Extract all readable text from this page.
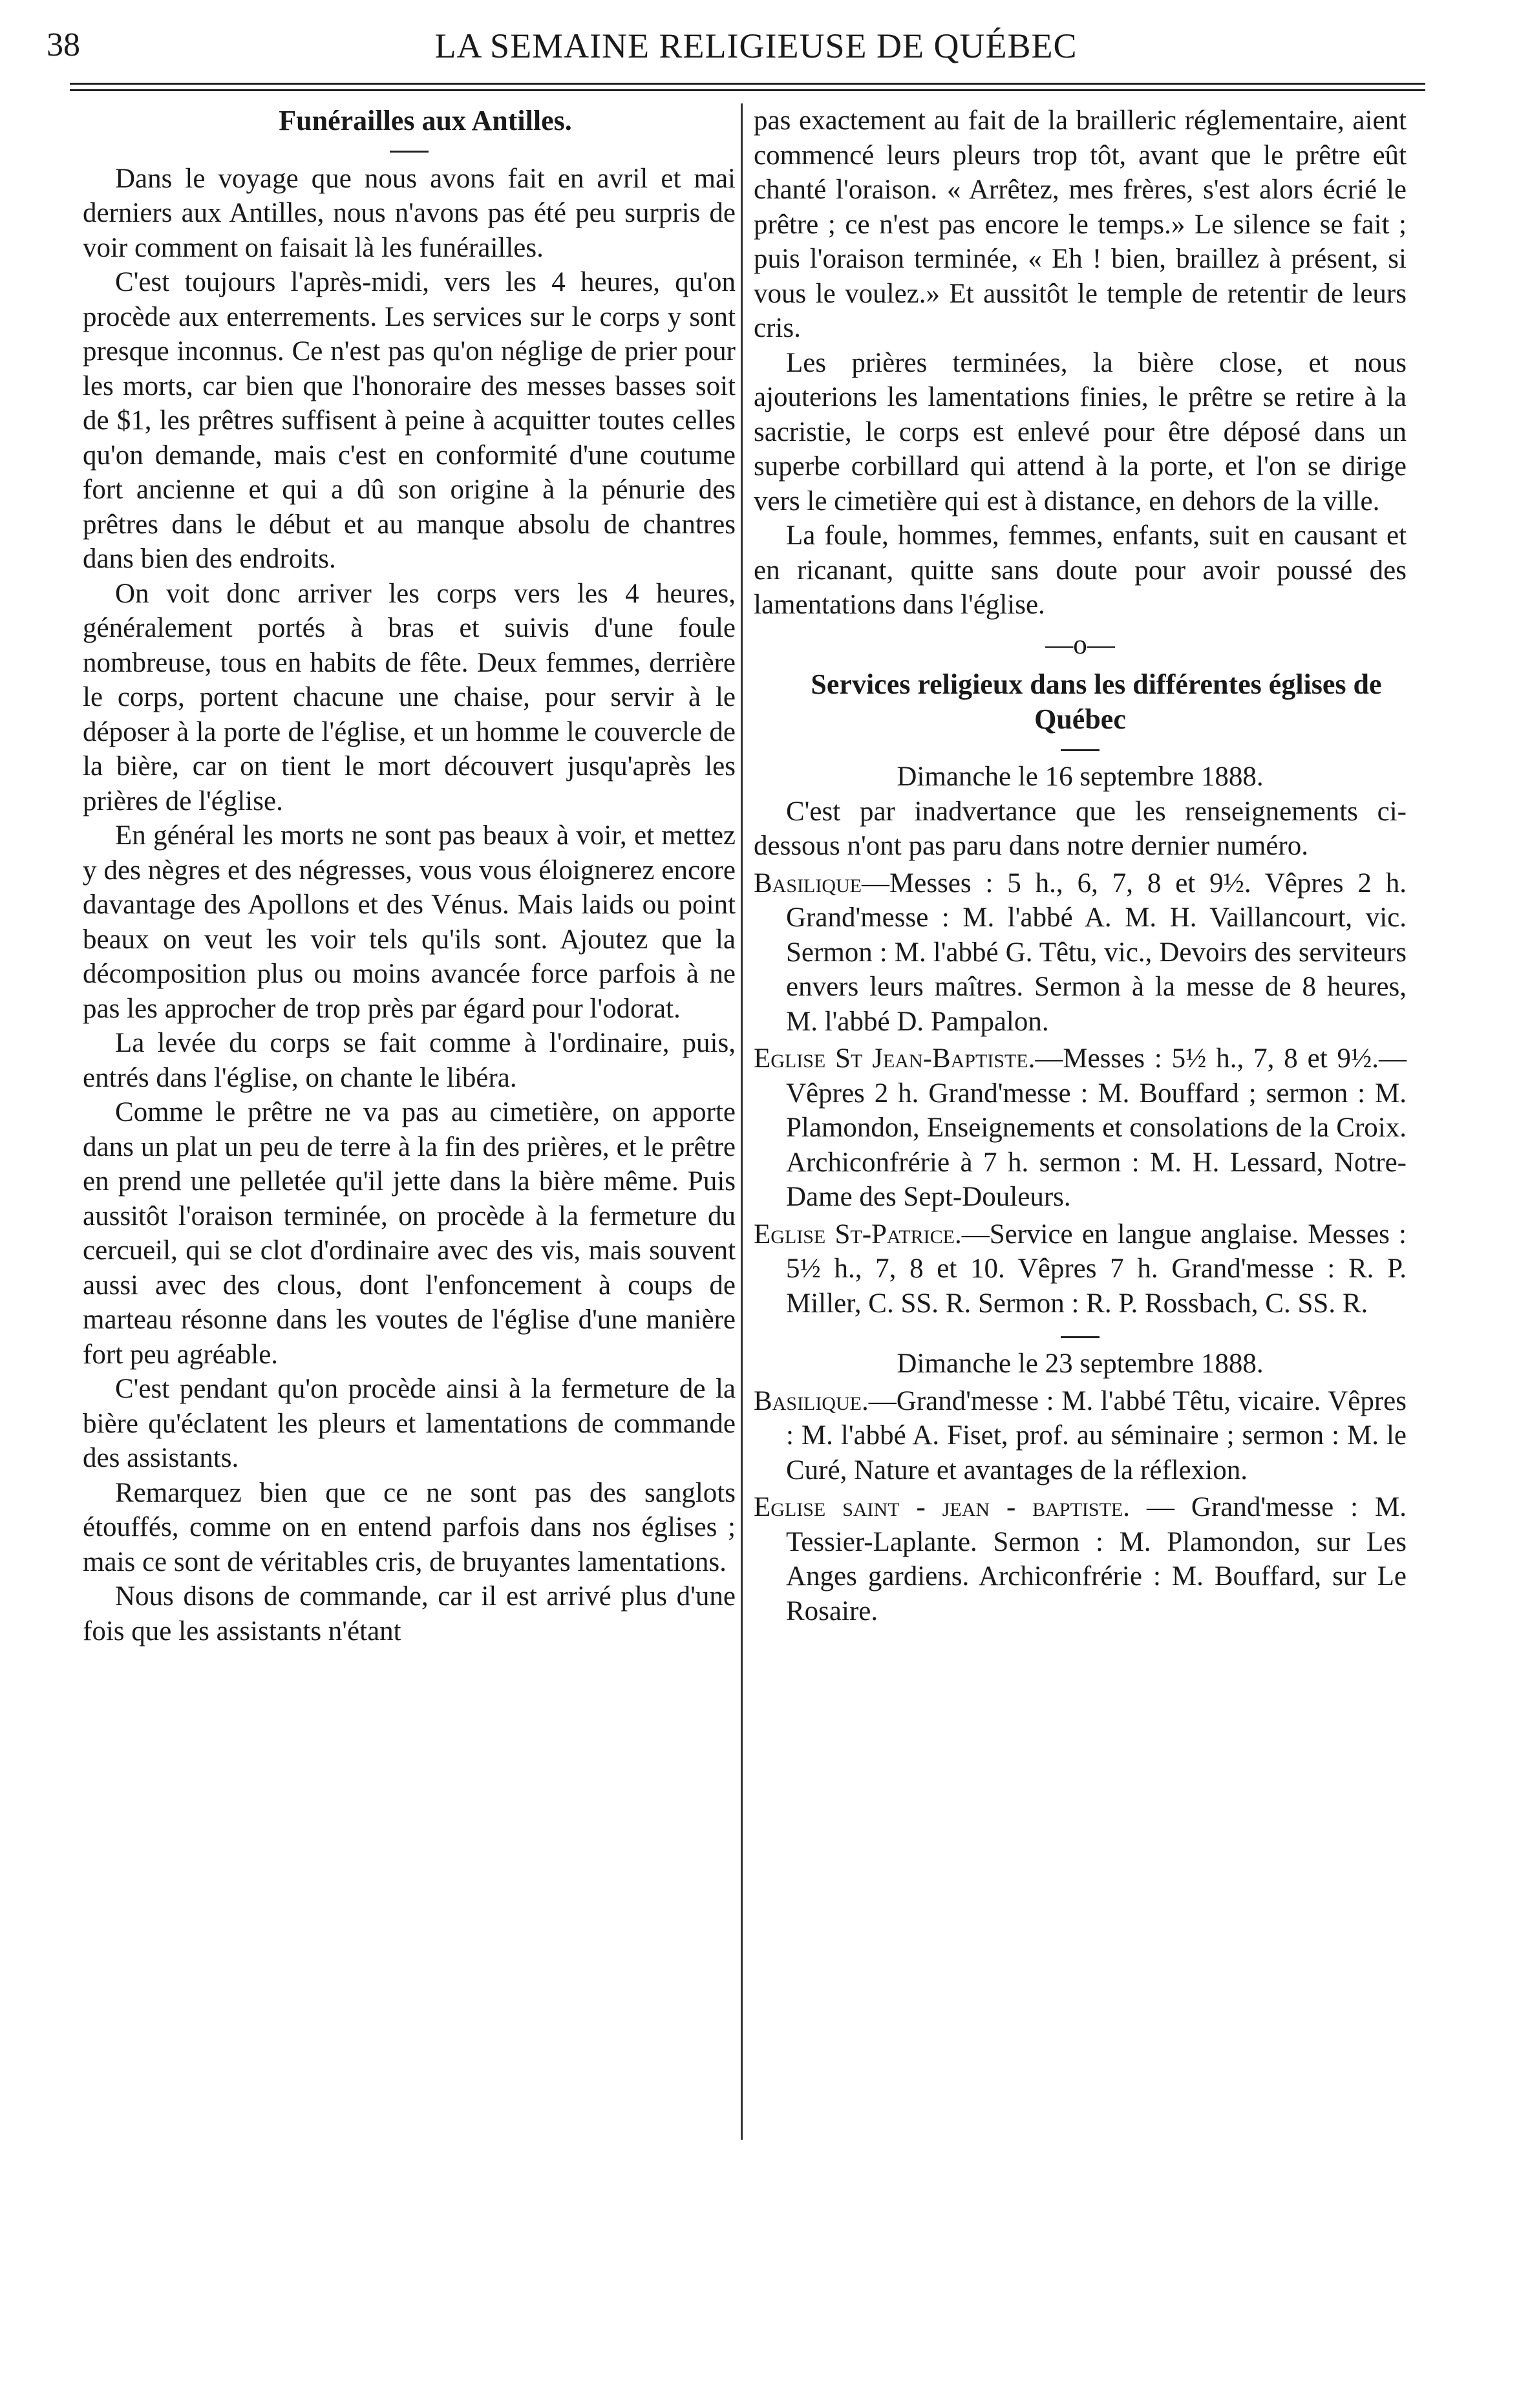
38	LA SEMAINE RELIGIEUSE DE QUÉBEC

Funérailles aux Antilles.

Dans le voyage que nous avons fait en avril et mai derniers aux Antilles, nous n'avons pas été peu surpris de voir comment on faisait là les funérailles.

C'est toujours l'après-midi, vers les 4 heures, qu'on procède aux enterrements. Les services sur le corps y sont presque inconnus. Ce n'est pas qu'on néglige de prier pour les morts, car bien que l'honoraire des messes basses soit de $1, les prêtres suffisent à peine à acquitter toutes celles qu'on demande, mais c'est en conformité d'une coutume fort ancienne et qui a dû son origine à la pénurie des prêtres dans le début et au manque absolu de chantres dans bien des endroits.

On voit donc arriver les corps vers les 4 heures, généralement portés à bras et suivis d'une foule nombreuse, tous en habits de fête. Deux femmes, derrière le corps, portent chacune une chaise, pour servir à le déposer à la porte de l'église, et un homme le couvercle de la bière, car on tient le mort découvert jusqu'après les prières de l'église.

En général les morts ne sont pas beaux à voir, et mettez y des nègres et des négresses, vous vous éloignerez encore davantage des Apollons et des Vénus. Mais laids ou point beaux on veut les voir tels qu'ils sont. Ajoutez que la décomposition plus ou moins avancée force parfois à ne pas les approcher de trop près par égard pour l'odorat.

La levée du corps se fait comme à l'ordinaire, puis, entrés dans l'église, on chante le libéra.

Comme le prêtre ne va pas au cimetière, on apporte dans un plat un peu de terre à la fin des prières, et le prêtre en prend une pelletée qu'il jette dans la bière même. Puis aussitôt l'oraison terminée, on procède à la fermeture du cercueil, qui se clot d'ordinaire avec des vis, mais souvent aussi avec des clous, dont l'enfoncement à coups de marteau résonne dans les voutes de l'église d'une manière fort peu agréable.

C'est pendant qu'on procède ainsi à la fermeture de la bière qu'éclatent les pleurs et lamentations de commande des assistants.

Remarquez bien que ce ne sont pas des sanglots étouffés, comme on en entend parfois dans nos églises ; mais ce sont de véritables cris, de bruyantes lamentations.

Nous disons de commande, car il est arrivé plus d'une fois que les assistants n'étant

pas exactement au fait de la brailleric réglementaire, aient commencé leurs pleurs trop tôt, avant que le prêtre eût chanté l'oraison. « Arrêtez, mes frères, s'est alors écrié le prêtre ; ce n'est pas encore le temps.» Le silence se fait ; puis l'oraison terminée, « Eh ! bien, braillez à présent, si vous le voulez.» Et aussitôt le temple de retentir de leurs cris.

Les prières terminées, la bière close, et nous ajouterions les lamentations finies, le prêtre se retire à la sacristie, le corps est enlevé pour être déposé dans un superbe corbillard qui attend à la porte, et l'on se dirige vers le cimetière qui est à distance, en dehors de la ville.

La foule, hommes, femmes, enfants, suit en causant et en ricanant, quitte sans doute pour avoir poussé des lamentations dans l'église.

—o—

Services religieux dans les différentes églises de Québec

Dimanche le 16 septembre 1888.

C'est par inadvertance que les renseignements ci-dessous n'ont pas paru dans notre dernier numéro.

Basilique—Messes : 5 h., 6, 7, 8 et 9½. Vêpres 2 h. Grand'messe : M. l'abbé A. M. H. Vaillancourt, vic. Sermon : M. l'abbé G. Têtu, vic., Devoirs des serviteurs envers leurs maîtres. Sermon à la messe de 8 heures, M. l'abbé D. Pampalon.

Eglise St Jean-Baptiste.—Messes : 5½ h., 7, 8 et 9½.—Vêpres 2 h. Grand'messe : M. Bouffard ; sermon : M. Plamondon, Enseignements et consolations de la Croix. Archiconfrérie à 7 h. sermon : M. H. Lessard, Notre-Dame des Sept-Douleurs.

Eglise St-Patrice.—Service en langue anglaise. Messes : 5½ h., 7, 8 et 10. Vêpres 7 h. Grand'messe : R. P. Miller, C. SS. R. Sermon : R. P. Rossbach, C. SS. R.

Dimanche le 23 septembre 1888.

Basilique.—Grand'messe : M. l'abbé Têtu, vicaire. Vêpres : M. l'abbé A. Fiset, prof. au séminaire ; sermon : M. le Curé, Nature et avantages de la réflexion.

Eglise saint - jean - baptiste. — Grand'messe : M. Tessier-Laplante. Sermon : M. Plamondon, sur Les Anges gardiens. Archiconfrérie : M. Bouffard, sur Le Rosaire.
